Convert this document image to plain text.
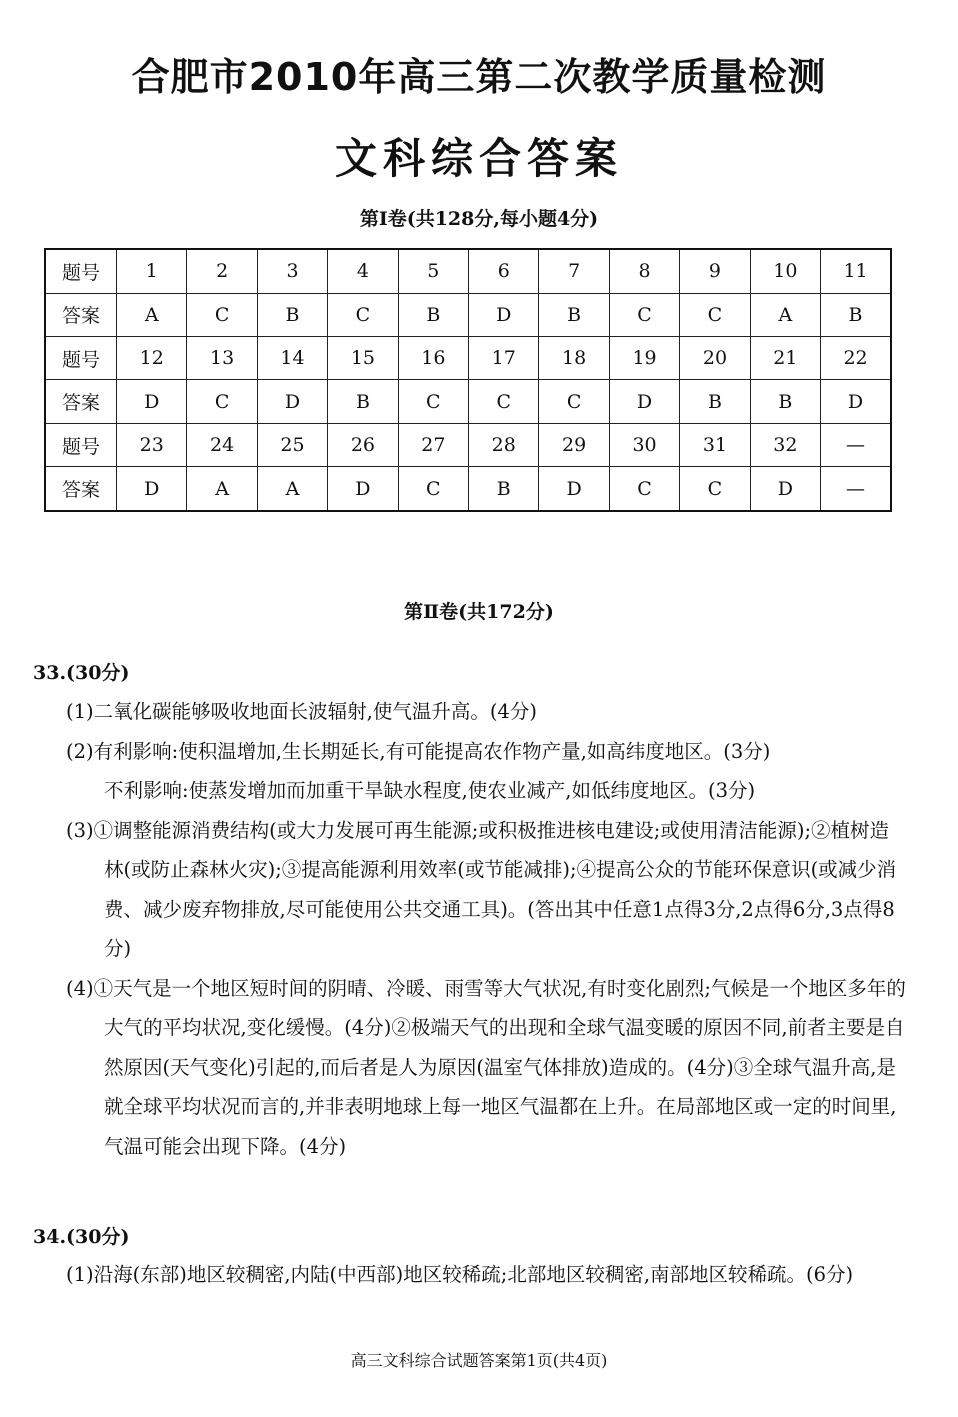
合肥市2010年高三第二次教学质量检测
文科综合答案
第Ⅰ卷(共128分,每小题4分)
题号	1	2	3	4	5	6	7	8	9	10	11
答案	A	C	B	C	B	D	B	C	C	A	B
题号	12	13	14	15	16	17	18	19	20	21	22
答案	D	C	D	B	C	C	C	D	B	B	D
题号	23	24	25	26	27	28	29	30	31	32	—
答案	D	A	A	D	C	B	D	C	C	D	—
第Ⅱ卷(共172分)
33.(30分)
(1)二氧化碳能够吸收地面长波辐射,使气温升高。(4分)
(2)有利影响:使积温增加,生长期延长,有可能提高农作物产量,如高纬度地区。(3分)
不利影响:使蒸发增加而加重干旱缺水程度,使农业减产,如低纬度地区。(3分)
(3)①调整能源消费结构(或大力发展可再生能源;或积极推进核电建设;或使用清洁能源);②植树造林(或防止森林火灾);③提高能源利用效率(或节能减排);④提高公众的节能环保意识(或减少消费、减少废弃物排放,尽可能使用公共交通工具)。(答出其中任意1点得3分,2点得6分,3点得8分)
(4)①天气是一个地区短时间的阴晴、冷暖、雨雪等大气状况,有时变化剧烈;气候是一个地区多年的大气的平均状况,变化缓慢。(4分)②极端天气的出现和全球气温变暖的原因不同,前者主要是自然原因(天气变化)引起的,而后者是人为原因(温室气体排放)造成的。(4分)③全球气温升高,是就全球平均状况而言的,并非表明地球上每一地区气温都在上升。在局部地区或一定的时间里,气温可能会出现下降。(4分)
34.(30分)
(1)沿海(东部)地区较稠密,内陆(中西部)地区较稀疏;北部地区较稠密,南部地区较稀疏。(6分)
高三文科综合试题答案第1页(共4页)
